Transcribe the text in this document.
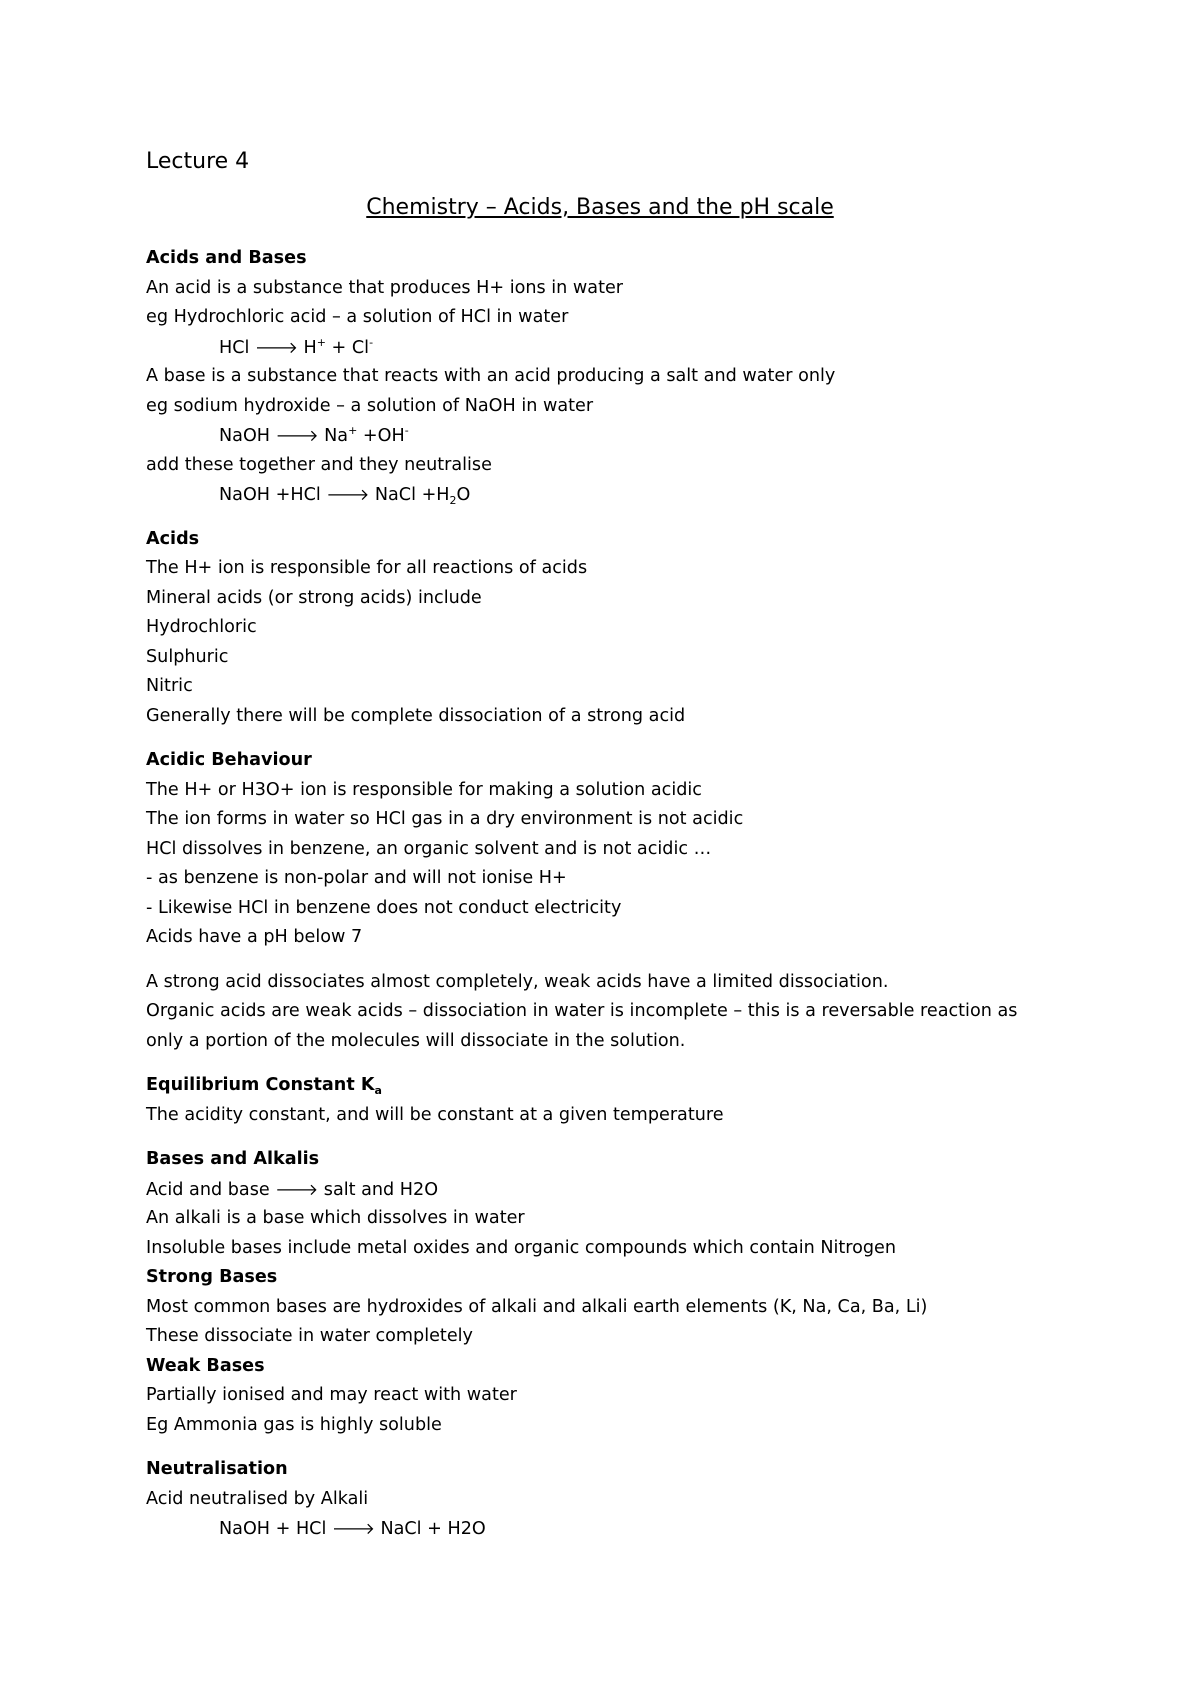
Lecture 4
Chemistry – Acids, Bases and the pH scale
Acids and Bases
An acid is a substance that produces H+ ions in water
eg Hydrochloric acid – a solution of HCl in water
HCl 🡒 H+ + Cl-
A base is a substance that reacts with an acid producing a salt and water only
eg sodium hydroxide – a solution of NaOH in water
NaOH 🡒 Na+ +OH-
add these together and they neutralise
NaOH +HCl 🡒 NaCl $+H_2O$
Acids
The H+ ion is responsible for all reactions of acids
Mineral acids (or strong acids) include
Hydrochloric
Sulphuric
Nitric
Generally there will be complete dissociation of a strong acid
Acidic Behaviour
The H+ or H3O+ ion is responsible for making a solution acidic
The ion forms in water so HCl gas in a dry environment is not acidic
HCl dissolves in benzene, an organic solvent and is not acidic …
- as benzene is non-polar and will not ionise H+
- Likewise HCl in benzene does not conduct electricity
Acids have a pH below 7
A strong acid dissociates almost completely, weak acids have a limited dissociation.
Organic acids are weak acids – dissociation in water is incomplete – this is a reversable reaction as
only a portion of the molecules will dissociate in the solution.
Equilibrium Constant $K_a$
The acidity constant, and will be constant at a given temperature
Bases and Alkalis
Acid and base 🡒 salt and H2O
An alkali is a base which dissolves in water
Insoluble bases include metal oxides and organic compounds which contain Nitrogen
Strong Bases
Most common bases are hydroxides of alkali and alkali earth elements (K, Na, Ca, Ba, Li)
These dissociate in water completely
Weak Bases
Partially ionised and may react with water
Eg Ammonia gas is highly soluble
Neutralisation
Acid neutralised by Alkali
NaOH + HCl 🡒 NaCl + H2O
